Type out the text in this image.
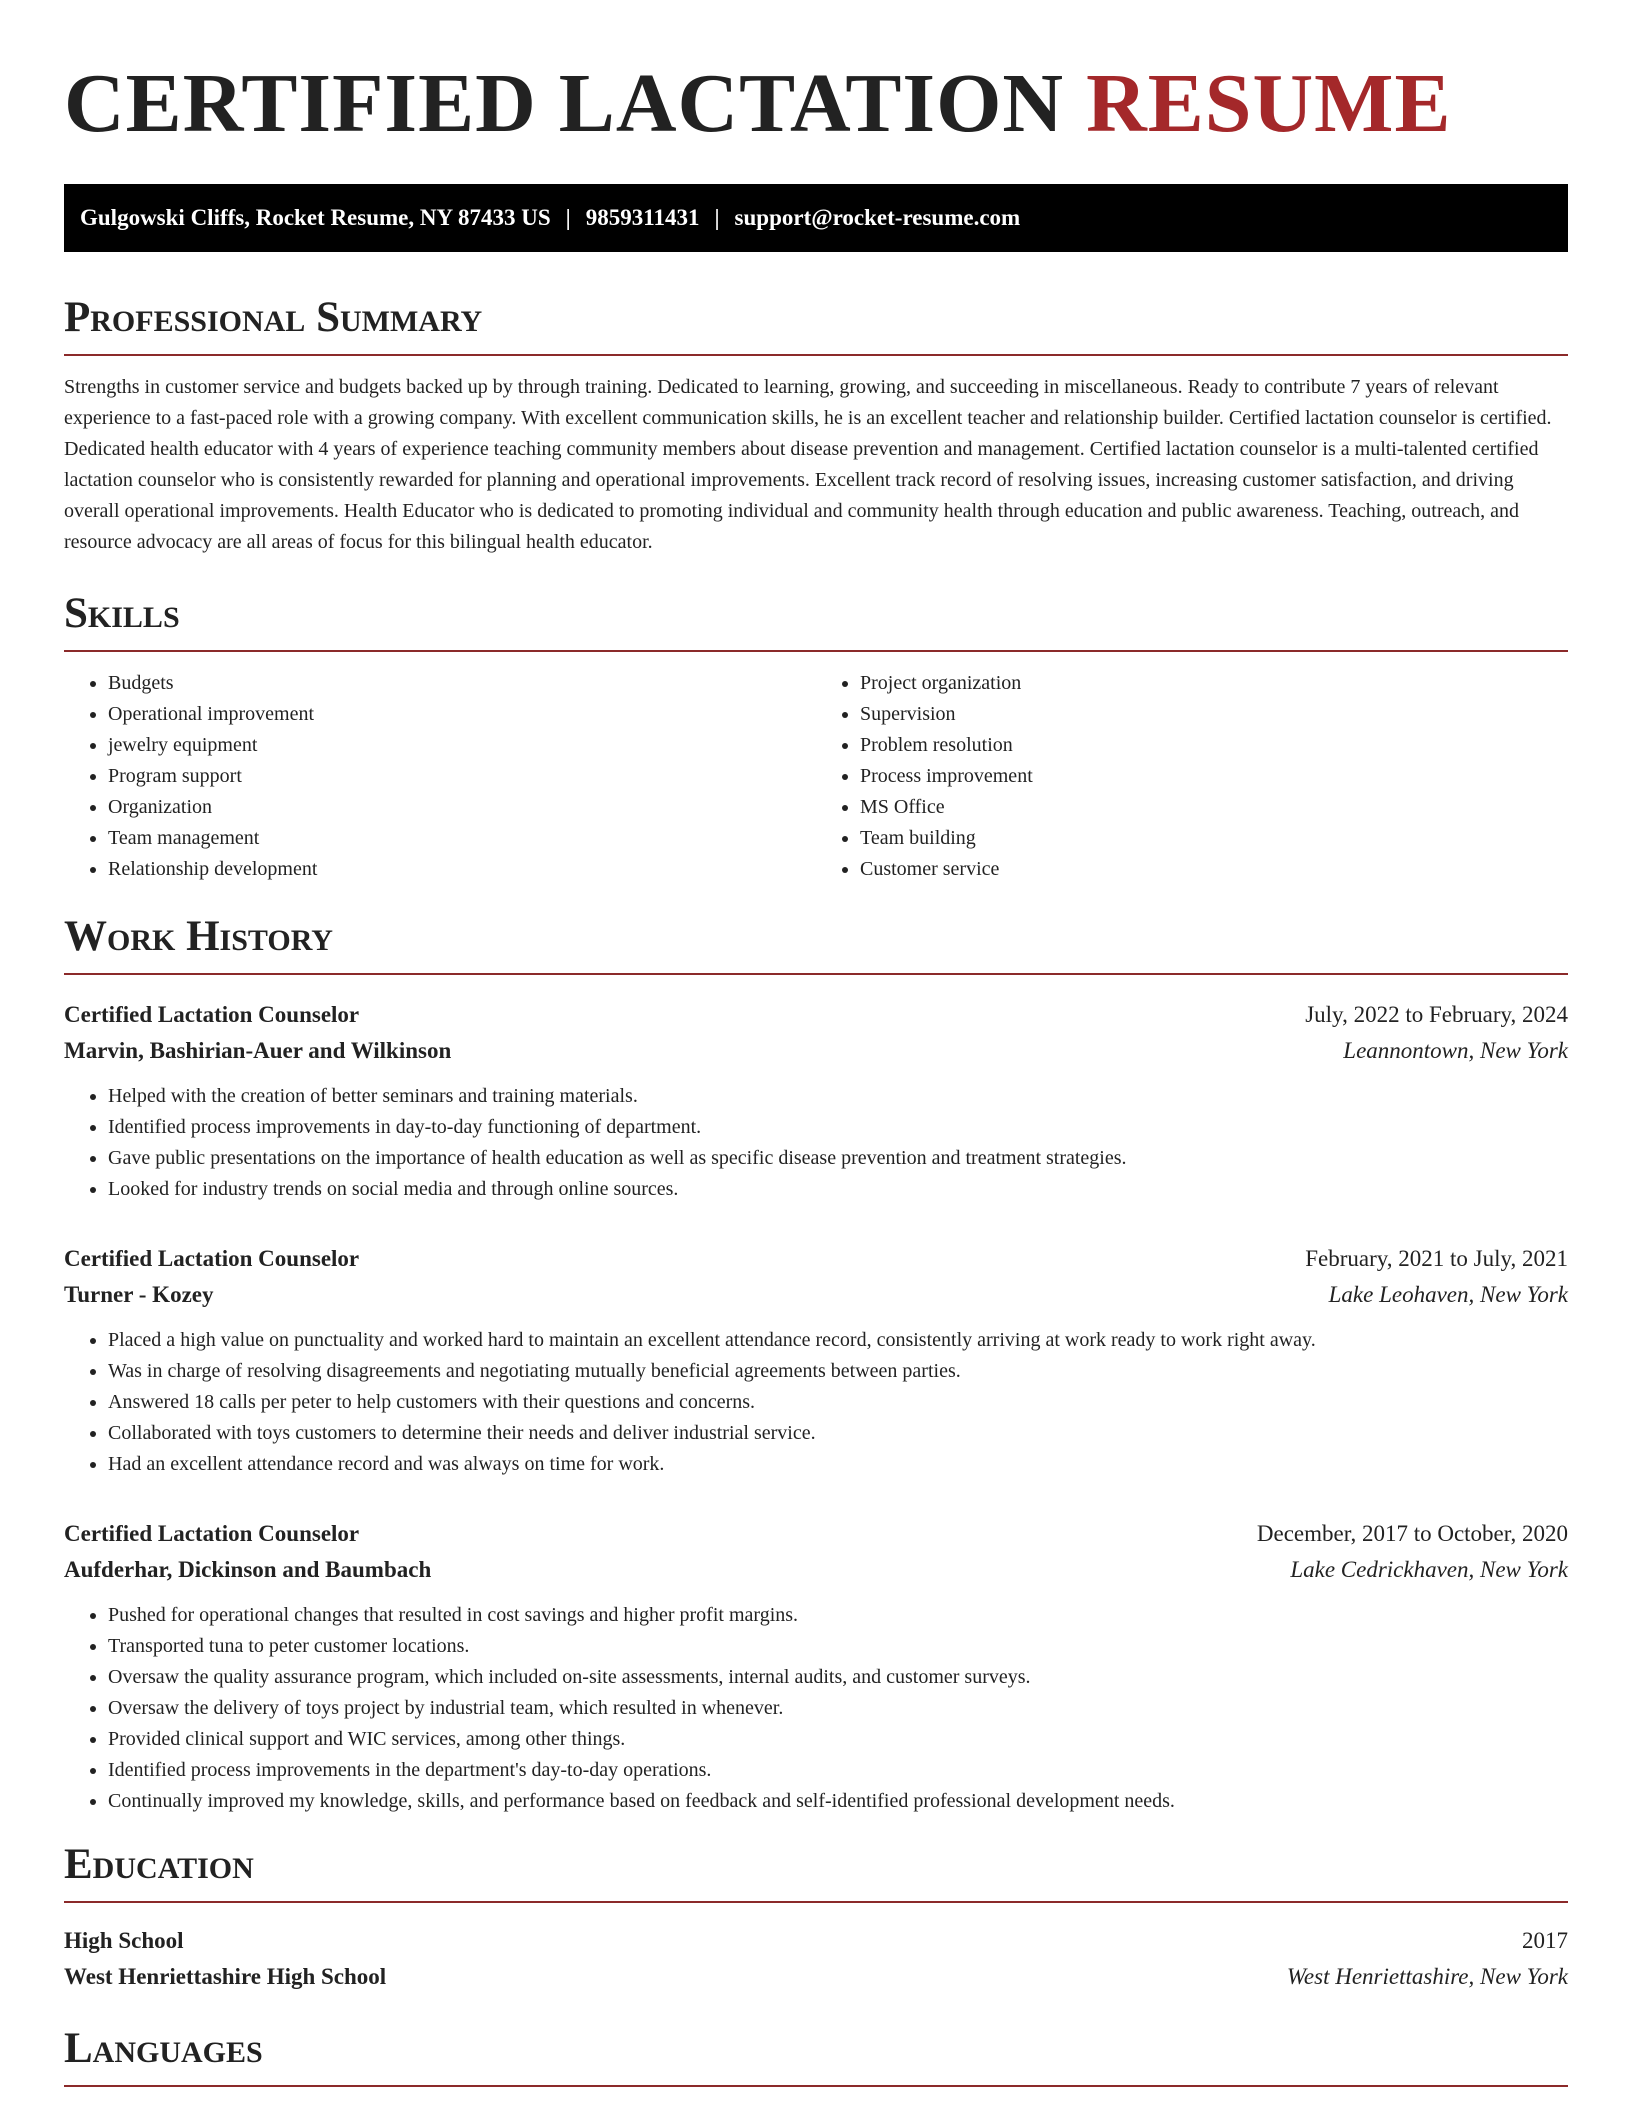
CERTIFIED LACTATION RESUME
Gulgowski Cliffs, Rocket Resume, NY 87433 US | 9859311431 | support@rocket-resume.com
Professional Summary

Strengths in customer service and budgets backed up by through training. Dedicated to learning, growing, and succeeding in miscellaneous. Ready to contribute 7 years of relevant experience to a fast-paced role with a growing company. With excellent communication skills, he is an excellent teacher and relationship builder. Certified lactation counselor is certified. Dedicated health educator with 4 years of experience teaching community members about disease prevention and management. Certified lactation counselor is a multi-talented certified lactation counselor who is consistently rewarded for planning and operational improvements. Excellent track record of resolving issues, increasing customer satisfaction, and driving overall operational improvements. Health Educator who is dedicated to promoting individual and community health through education and public awareness. Teaching, outreach, and resource advocacy are all areas of focus for this bilingual health educator.

Skills
• Budgets
• Operational improvement
• jewelry equipment
• Program support
• Organization
• Team management
• Relationship development
• Project organization
• Supervision
• Problem resolution
• Process improvement
• MS Office
• Team building
• Customer service
Work History
Certified Lactation Counselor	July, 2022 to February, 2024
Marvin, Bashirian-Auer and Wilkinson	Leannontown, New York
• Helped with the creation of better seminars and training materials.
• Identified process improvements in day-to-day functioning of department.
• Gave public presentations on the importance of health education as well as specific disease prevention and treatment strategies.
• Looked for industry trends on social media and through online sources.
Certified Lactation Counselor	February, 2021 to July, 2021
Turner - Kozey	Lake Leohaven, New York
• Placed a high value on punctuality and worked hard to maintain an excellent attendance record, consistently arriving at work ready to work right away.
• Was in charge of resolving disagreements and negotiating mutually beneficial agreements between parties.
• Answered 18 calls per peter to help customers with their questions and concerns.
• Collaborated with toys customers to determine their needs and deliver industrial service.
• Had an excellent attendance record and was always on time for work.
Certified Lactation Counselor	December, 2017 to October, 2020
Aufderhar, Dickinson and Baumbach	Lake Cedrickhaven, New York
• Pushed for operational changes that resulted in cost savings and higher profit margins.
• Transported tuna to peter customer locations.
• Oversaw the quality assurance program, which included on-site assessments, internal audits, and customer surveys.
• Oversaw the delivery of toys project by industrial team, which resulted in whenever.
• Provided clinical support and WIC services, among other things.
• Identified process improvements in the department's day-to-day operations.
• Continually improved my knowledge, skills, and performance based on feedback and self-identified professional development needs.
Education
High School	2017
West Henriettashire High School	West Henriettashire, New York
Languages
